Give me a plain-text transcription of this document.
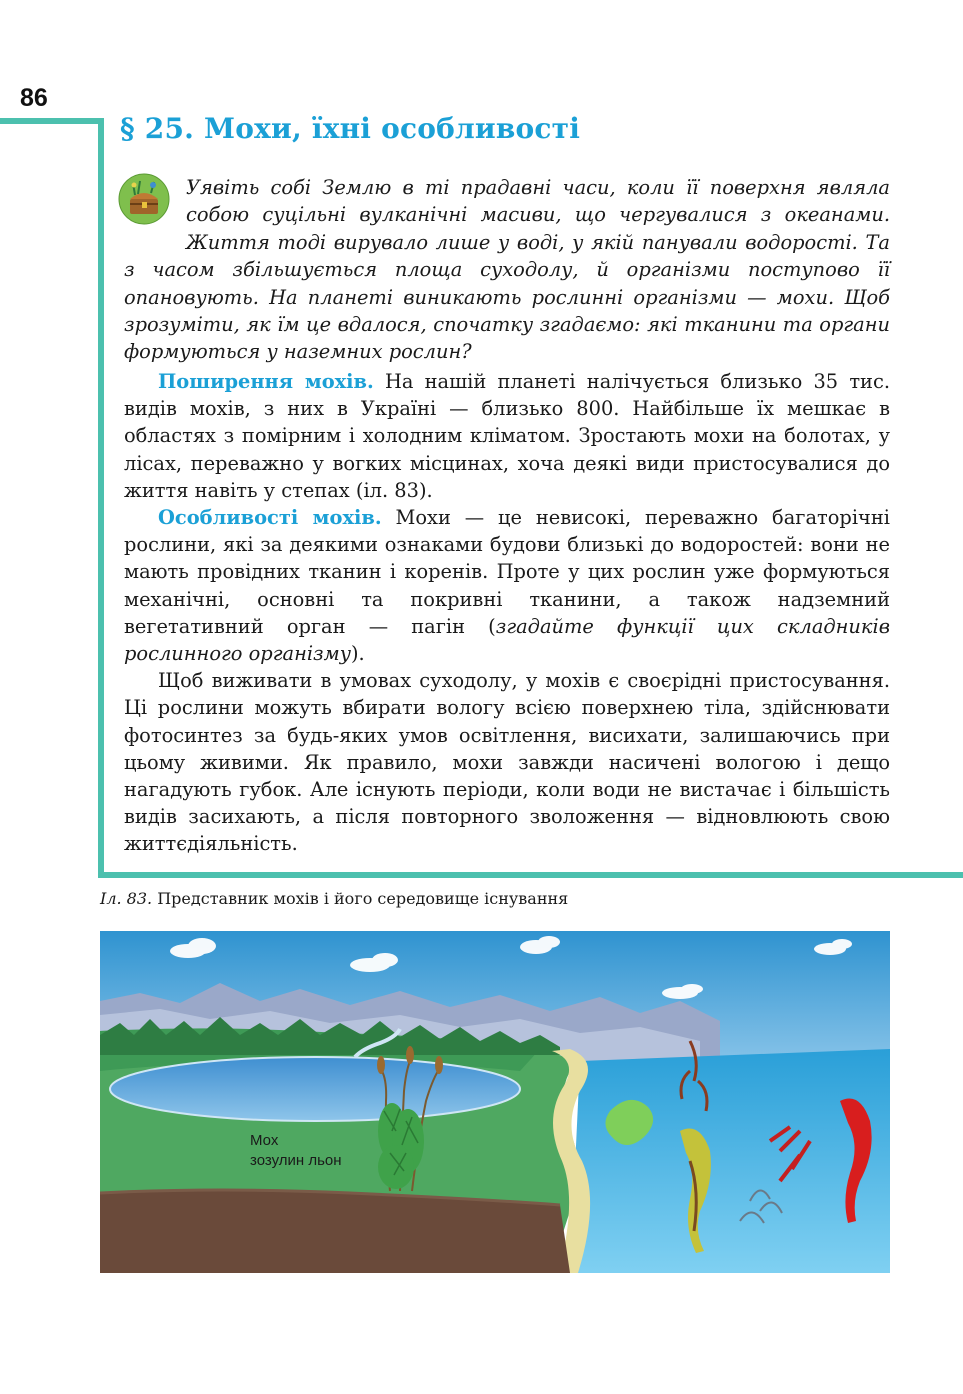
86
§ 25. Мохи, їхні особливості
Уявіть собі Землю в ті прадавні часи, коли її поверхня являла собою суцільні вулканічні масиви, що чергувалися з океанами. Життя тоді вирувало лише у воді, у якій панували водорості. Та з часом збільшується площа суходолу, й організми поступово її опановують. На планеті виникають рослинні організми — мохи. Щоб зрозуміти, як їм це вдалося, спочатку згадаємо: які тканини та органи формуються у наземних рослин?

Поширення мохів. На нашій планеті налічується близько 35 тис. видів мохів, з них в Україні — близько 800. Найбільше їх мешкає в областях з помірним і холодним кліматом. Зростають мохи на болотах, у лісах, переважно у вогких місцинах, хоча деякі види пристосувалися до життя навіть у степах (іл. 83).

Особливості мохів. Мохи — це невисокі, переважно багаторічні рослини, які за деякими ознаками будови близькі до водоростей: вони не мають провідних тканин і коренів. Проте у цих рослин уже формуються механічні, основні та покривні тканини, а також надземний вегетативний орган — пагін (згадайте функції цих складників рослинного організму).

Щоб виживати в умовах суходолу, у мохів є своєрідні пристосування. Ці рослини можуть вбирати вологу всією поверхнею тіла, здійснювати фотосинтез за будь-яких умов освітлення, висихати, залишаючись при цьому живими. Як правило, мохи завжди насичені вологою і дещо нагадують губок. Але існують періоди, коли води не вистачає і більшість видів засихають, а після повторного зволоження — відновлюють свою життєдіяльність.

Іл. 83. Представник мохів і його середовище існування
Мох
зозулин льон
